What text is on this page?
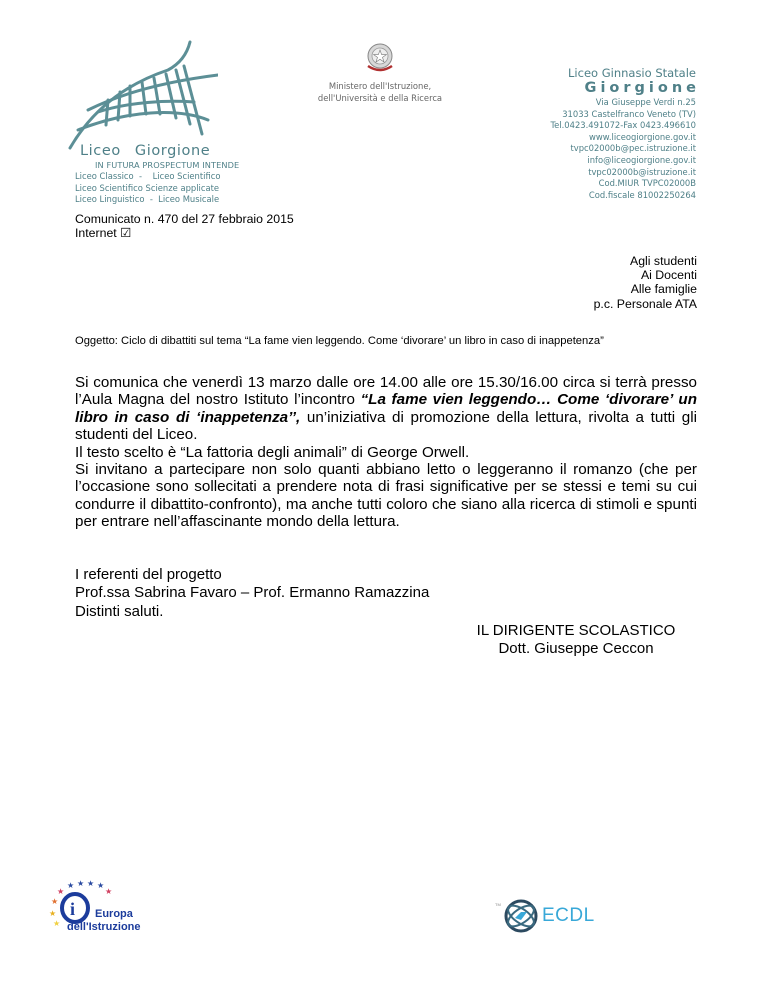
Liceo Giorgione
IN FUTURA PROSPECTUM INTENDE
Liceo Classico  -    Liceo Scientifico
Liceo Scientifico Scienze applicate
Liceo Linguistico  -  Liceo Musicale
Ministero dell'Istruzione,
dell'Università e della Ricerca
Liceo Ginnasio Statale
Giorgione
Via Giuseppe Verdi n.25
31033 Castelfranco Veneto (TV)
Tel.0423.491072-Fax 0423.496610
www.liceogiorgione.gov.it
tvpc02000b@pec.istruzione.it
info@liceogiorgione.gov.it
tvpc02000b@istruzione.it
Cod.MIUR TVPC02000B
Cod.fiscale 81002250264
Comunicato n. 470 del 27 febbraio 2015
Internet ☑
Agli studenti
Ai Docenti
Alle famiglie
p.c. Personale ATA
Oggetto: Ciclo di dibattiti sul tema “La fame vien leggendo. Come ‘divorare’ un libro in caso di inappetenza”

Si comunica che venerdì 13 marzo dalle ore 14.00 alle ore 15.30/16.00 circa si terrà presso l’Aula Magna del nostro Istituto l’incontro “La fame vien leggendo… Come ‘divorare’ un libro in caso di ‘inappetenza’’, un’iniziativa di promozione della lettura, rivolta a tutti gli studenti del Liceo.

Il testo scelto è “La fattoria degli animali” di George Orwell.

Si invitano a partecipare non solo quanti abbiano letto o leggeranno il romanzo (che per l’occasione sono sollecitati a prendere nota di frasi significative per se stessi e temi su cui condurre il dibattito-confronto), ma anche tutti coloro che siano alla ricerca di stimoli e spunti per entrare nell’affascinante mondo della lettura.

I referenti del progetto
Prof.ssa Sabrina Favaro – Prof. Ermanno Ramazzina
Distinti saluti.
IL DIRIGENTE SCOLASTICO
Dott. Giuseppe Ceccon
★ ★ ★ ★
★	★
★
★
★
i Europa
dell'Istruzione
TM
ECDL
